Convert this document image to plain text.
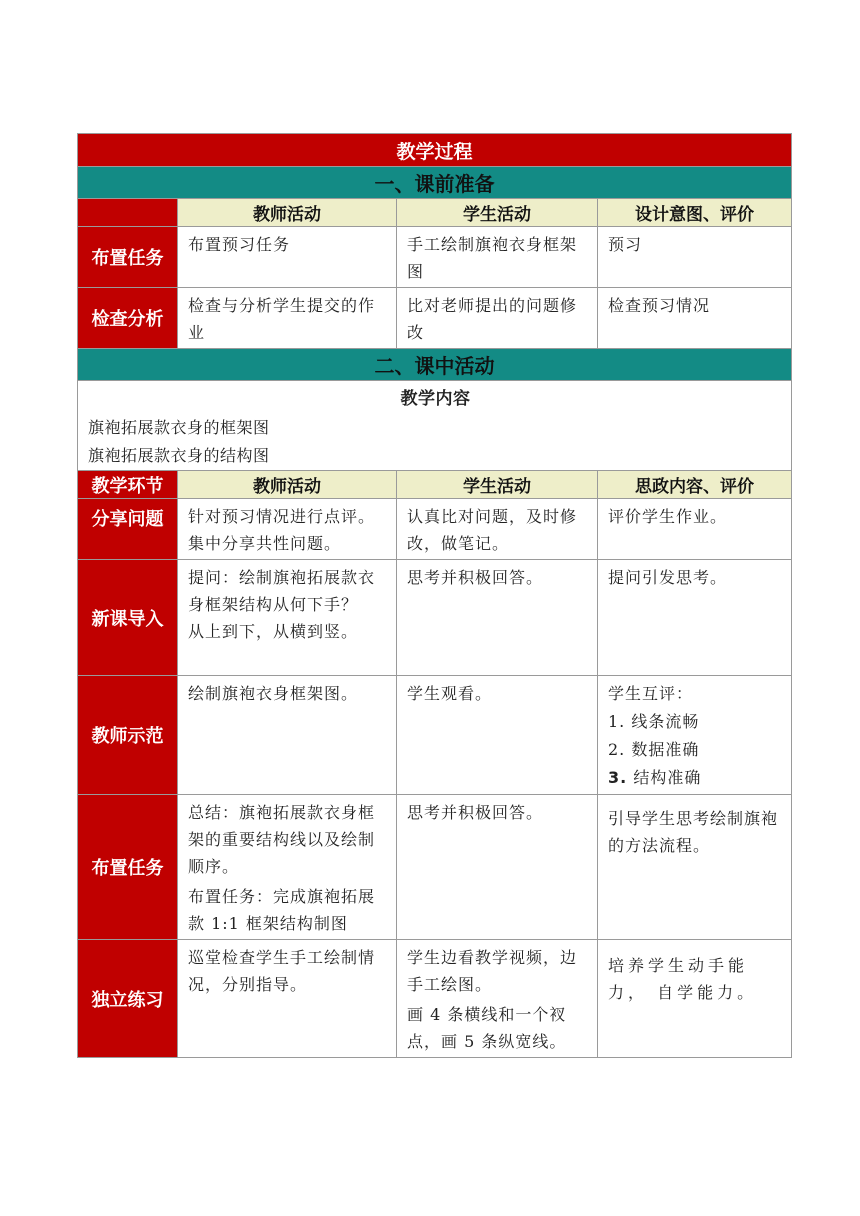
教学过程			
一、课前准备			
	教师活动	学生活动	设计意图、评价
布置任务	布置预习任务	手工绘制旗袍衣身框架图	预习
检查分析	检查与分析学生提交的作业	比对老师提出的问题修改	检查预习情况
二、课中活动			

教学内容
旗袍拓展款衣身的框架图
旗袍拓展款衣身的结构图			

教学环节	教师活动	学生活动	思政内容、评价
分享问题	针对预习情况进行点评。集中分享共性问题。	认真比对问题，及时修改，做笔记。	评价学生作业。

新课导入	提问：绘制旗袍拓展款衣身框架结构从何下手？
从上到下，从横到竖。	思考并积极回答。	提问引发思考。

教师示范	绘制旗袍衣身框架图。	学生观看。	学生互评：
1. 线条流畅
2. 数据准确
3. 结构准确

布置任务	总结：旗袍拓展款衣身框架的重要结构线以及绘制顺序。
布置任务：完成旗袍拓展款 1:1 框架结构制图	思考并积极回答。	引导学生思考绘制旗袍的方法流程。

独立练习	巡堂检查学生手工绘制情况，分别指导。	学生边看教学视频，边手工绘图。
画 4 条横线和一个衩点，画 5 条纵宽线。	培养学生动手能力， 自学能力。
